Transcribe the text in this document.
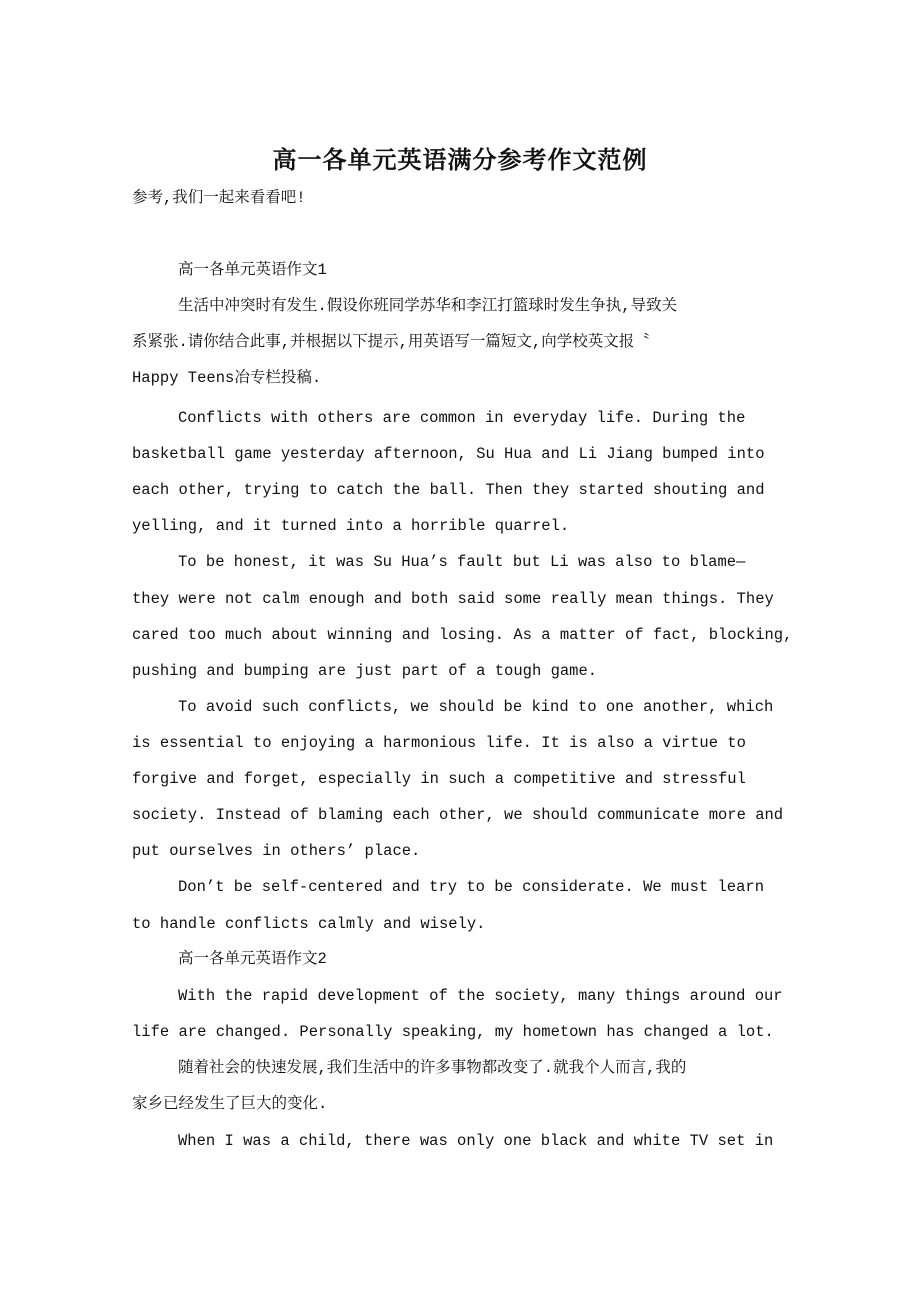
高一各单元英语满分参考作文范例
参考,我们一起来看看吧!
高一各单元英语作文1
生活中冲突时有发生.假设你班同学苏华和李江打篮球时发生争执,导致关
系紧张.请你结合此事,并根据以下提示,用英语写一篇短文,向学校英文报〝
Happy Teens冶专栏投稿.
Conflicts with others are common in everyday life. During the
basketball game yesterday afternoon, Su Hua and Li Jiang bumped into
each other, trying to catch the ball. Then they started shouting and
yelling, and it turned into a horrible quarrel.
To be honest, it was Su Hua’s fault but Li was also to blame—
they were not calm enough and both said some really mean things. They
cared too much about winning and losing. As a matter of fact, blocking,
pushing and bumping are just part of a tough game.
To avoid such conflicts, we should be kind to one another, which
is essential to enjoying a harmonious life. It is also a virtue to
forgive and forget, especially in such a competitive and stressful
society. Instead of blaming each other, we should communicate more and
put ourselves in others’ place.
Don’t be self-centered and try to be considerate. We must learn
to handle conflicts calmly and wisely.
高一各单元英语作文2
With the rapid development of the society, many things around our
life are changed. Personally speaking, my hometown has changed a lot.
随着社会的快速发展,我们生活中的许多事物都改变了.就我个人而言,我的
家乡已经发生了巨大的变化.
When I was a child, there was only one black and white TV set in
